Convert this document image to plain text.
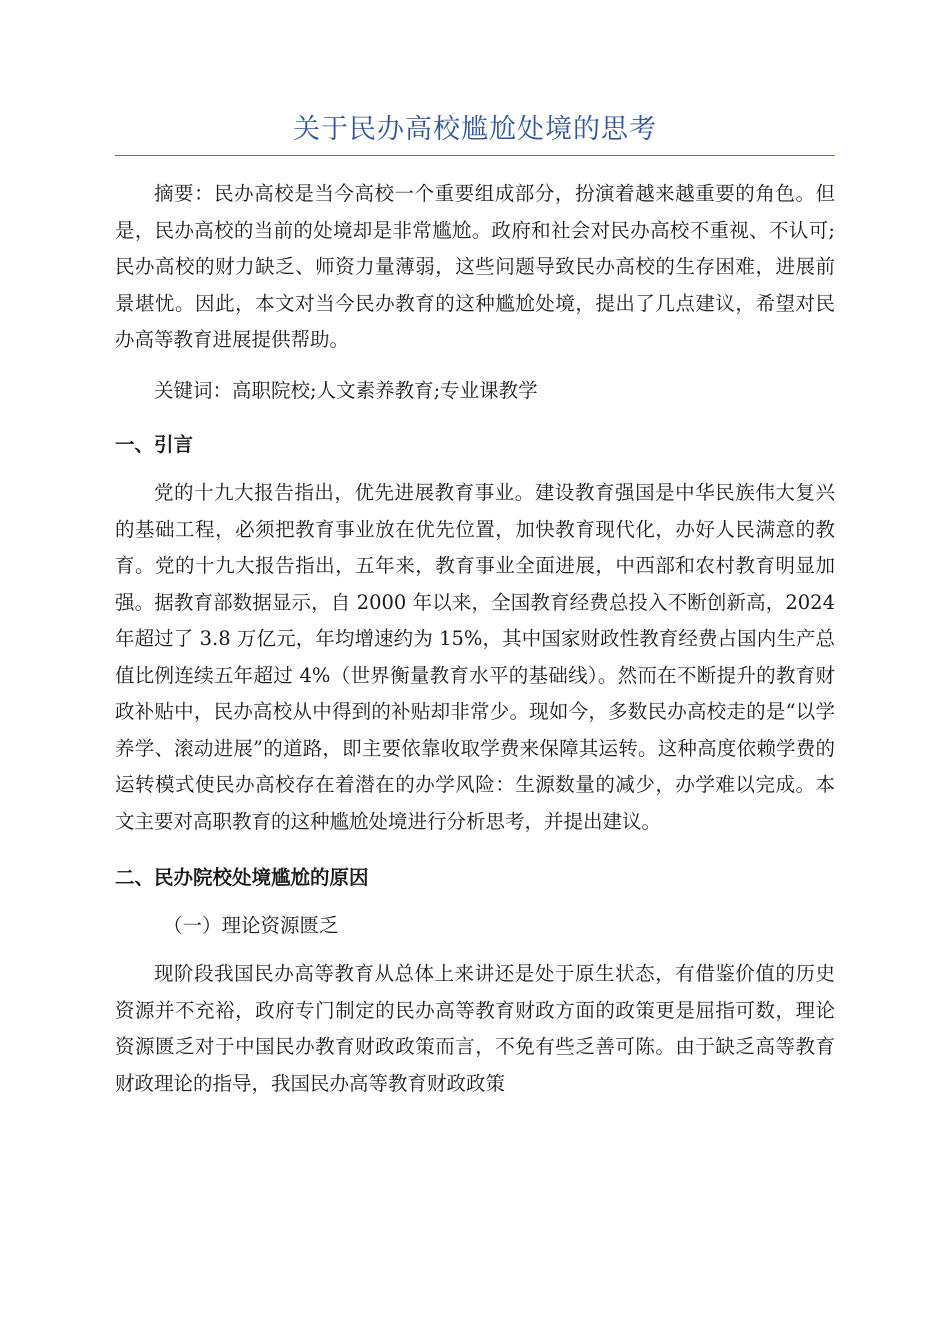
关于民办高校尴尬处境的思考

摘要：民办高校是当今高校一个重要组成部分，扮演着越来越重要的角色。但是，民办高校的当前的处境却是非常尴尬。政府和社会对民办高校不重视、不认可;民办高校的财力缺乏、师资力量薄弱，这些问题导致民办高校的生存困难，进展前景堪忧。因此，本文对当今民办教育的这种尴尬处境，提出了几点建议，希望对民办高等教育进展提供帮助。

关键词：高职院校;人文素养教育;专业课教学

一、引言

党的十九大报告指出，优先进展教育事业。建设教育强国是中华民族伟大复兴的基础工程，必须把教育事业放在优先位置，加快教育现代化，办好人民满意的教育。党的十九大报告指出，五年来，教育事业全面进展，中西部和农村教育明显加强。据教育部数据显示，自 2000 年以来，全国教育经费总投入不断创新高，2024 年超过了 3.8 万亿元，年均增速约为 15%，其中国家财政性教育经费占国内生产总值比例连续五年超过 4%（世界衡量教育水平的基础线）。然而在不断提升的教育财政补贴中，民办高校从中得到的补贴却非常少。现如今，多数民办高校走的是“以学养学、滚动进展”的道路，即主要依靠收取学费来保障其运转。这种高度依赖学费的运转模式使民办高校存在着潜在的办学风险：生源数量的减少，办学难以完成。本文主要对高职教育的这种尴尬处境进行分析思考，并提出建议。

二、民办院校处境尴尬的原因
（一）理论资源匮乏

现阶段我国民办高等教育从总体上来讲还是处于原生状态，有借鉴价值的历史资源并不充裕，政府专门制定的民办高等教育财政方面的政策更是屈指可数，理论资源匮乏对于中国民办教育财政政策而言，不免有些乏善可陈。由于缺乏高等教育财政理论的指导，我国民办高等教育财政政策
